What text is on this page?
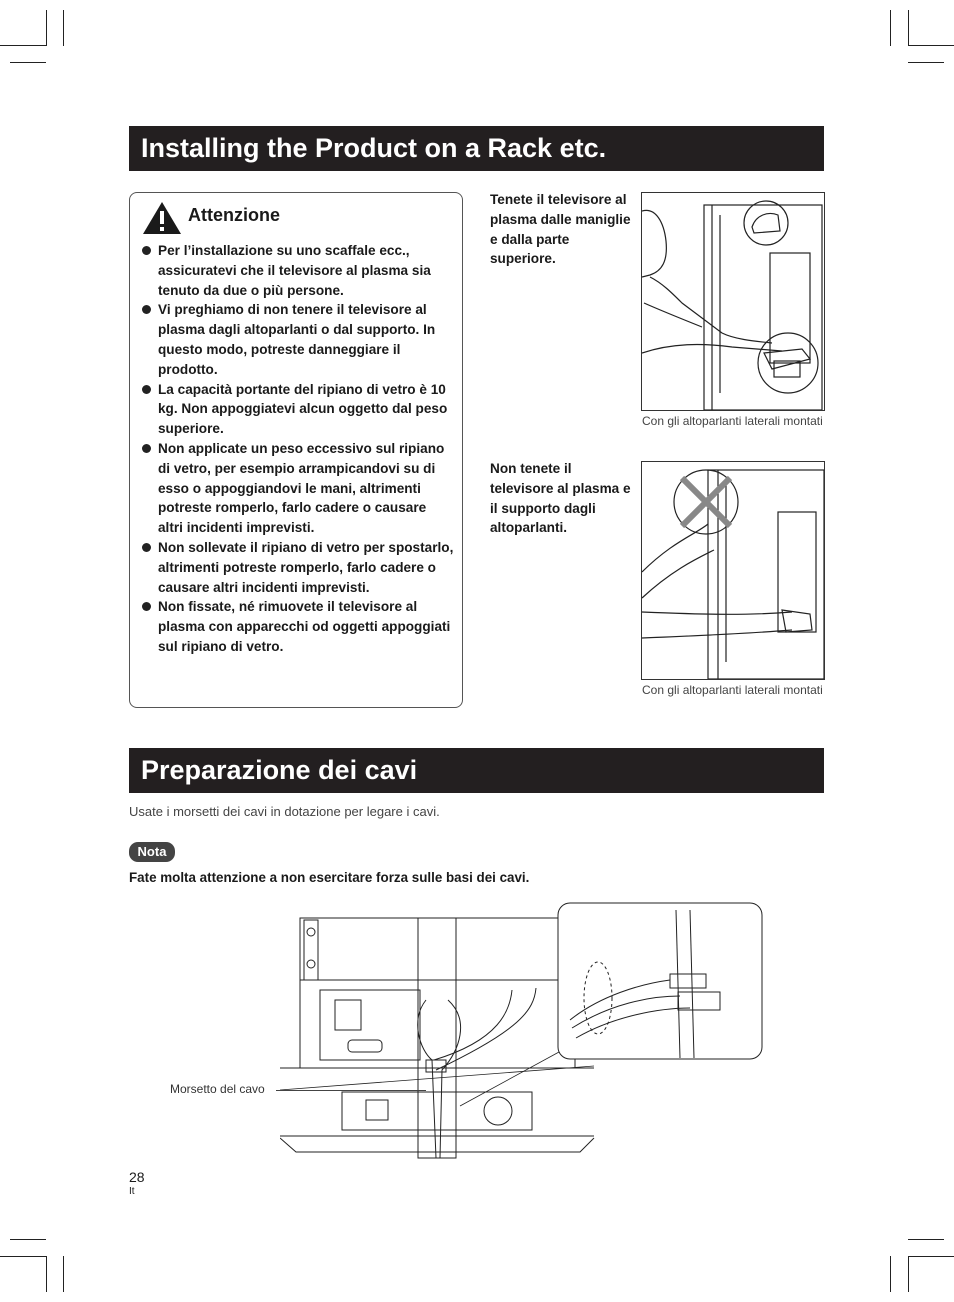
Installing the Product on a Rack etc.
Attenzione
Per l’installazione su uno scaffale ecc., assicuratevi che il televisore al plasma sia tenuto da due o più persone.
Vi preghiamo di non tenere il televisore al plasma dagli altoparlanti o dal supporto. In questo modo, potreste danneggiare il prodotto.
La capacità portante del ripiano di vetro è 10 kg. Non appoggiatevi alcun oggetto dal peso superiore.
Non applicate un peso eccessivo sul ripiano di vetro, per esempio arrampicandovi su di esso o appoggiandovi le mani, altrimenti potreste romperlo, farlo cadere o causare altri incidenti imprevisti.
Non sollevate il ripiano di vetro per spostarlo, altrimenti potreste romperlo, farlo cadere o causare altri incidenti imprevisti.
Non fissate, né rimuovete il televisore al plasma con apparecchi od oggetti appoggiati sul ripiano di vetro.
Tenete il televisore al plasma dalle maniglie e dalla parte superiore.
Non tenete il televisore al plasma e il supporto dagli altoparlanti.
Con gli altoparlanti laterali montati
Con gli altoparlanti laterali montati
Preparazione dei cavi
Usate i morsetti dei cavi in dotazione per legare i cavi.
Nota
Fate molta attenzione a non esercitare forza sulle basi dei cavi.
Morsetto del cavo
28
It
